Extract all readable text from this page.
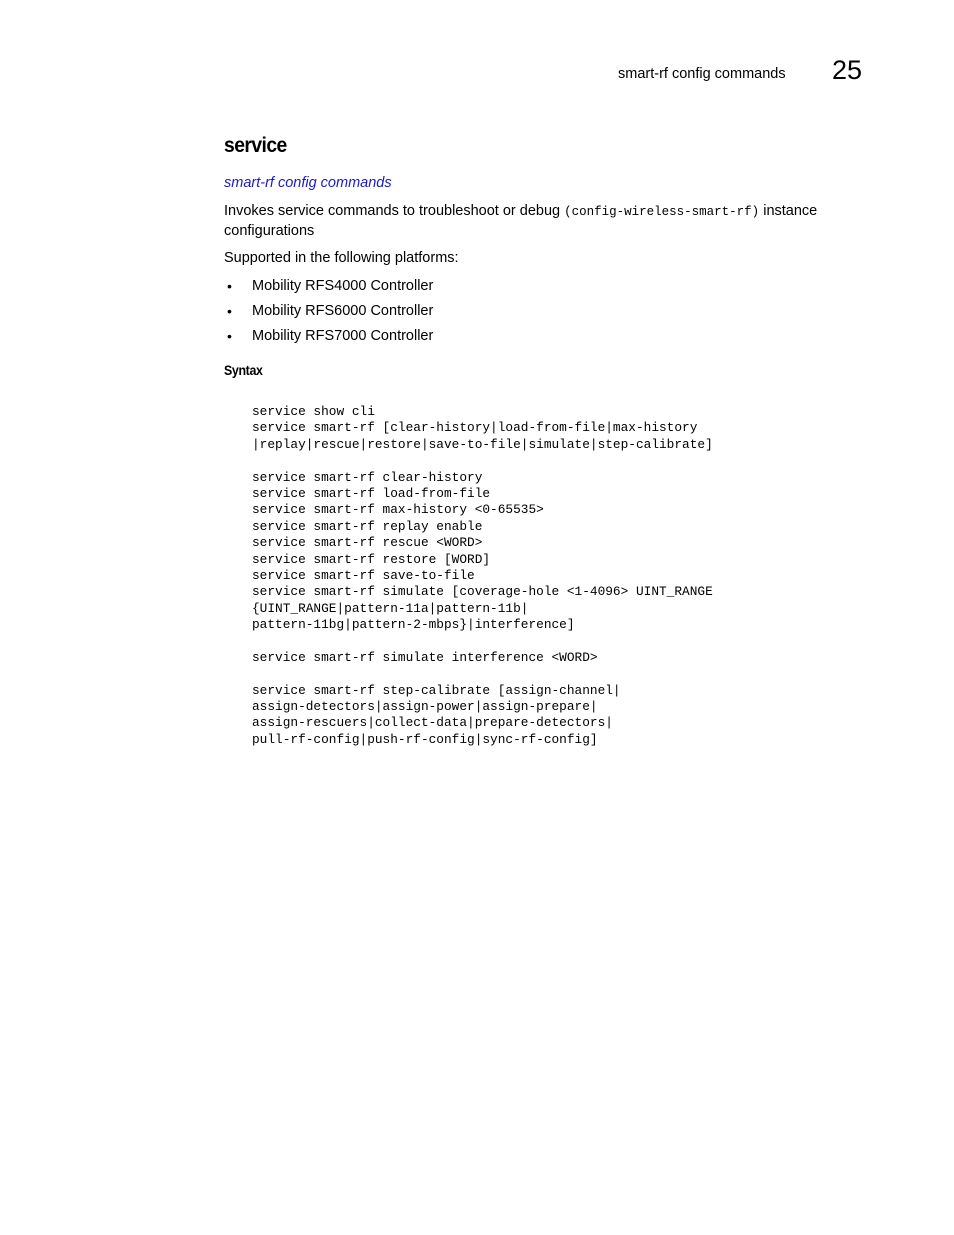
smart-rf config commands 25
service
smart-rf config commands
Invokes service commands to troubleshoot or debug (config-wireless-smart-rf) instance configurations
Supported in the following platforms:
• Mobility RFS4000 Controller
• Mobility RFS6000 Controller
• Mobility RFS7000 Controller
Syntax
service show cli
service smart-rf [clear-history|load-from-file|max-history
|replay|rescue|restore|save-to-file|simulate|step-calibrate]
service smart-rf clear-history
service smart-rf load-from-file
service smart-rf max-history <0-65535>
service smart-rf replay enable
service smart-rf rescue <WORD>
service smart-rf restore [WORD]
service smart-rf save-to-file
service smart-rf simulate [coverage-hole <1-4096> UINT_RANGE
{UINT_RANGE|pattern-11a|pattern-11b|
pattern-11bg|pattern-2-mbps}|interference]
service smart-rf simulate interference <WORD>
service smart-rf step-calibrate [assign-channel|
assign-detectors|assign-power|assign-prepare|
assign-rescuers|collect-data|prepare-detectors|
pull-rf-config|push-rf-config|sync-rf-config]
